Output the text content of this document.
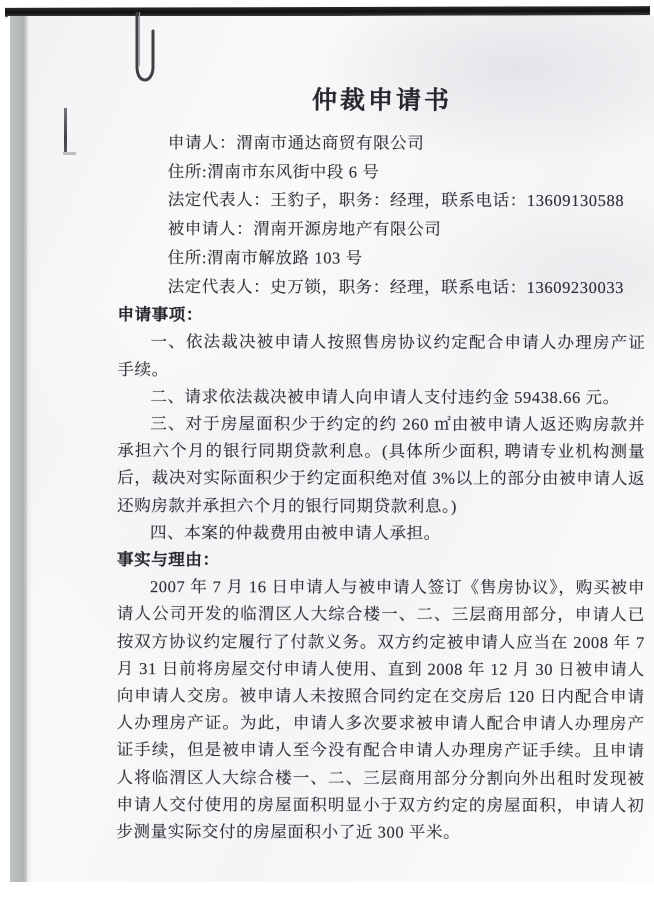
仲裁申请书

申请人：渭南市通达商贸有限公司

住所:渭南市东风街中段 6 号

法定代表人：王豹子，职务：经理，联系电话：13609130588

被申请人：渭南开源房地产有限公司

住所:渭南市解放路 103 号

法定代表人：史万锁，职务：经理，联系电话：13609230033

申请事项：

一、依法裁决被申请人按照售房协议约定配合申请人办理房产证手续。

二、请求依法裁决被申请人向申请人支付违约金 59438.66 元。

三、对于房屋面积少于约定的约 260 ㎡由被申请人返还购房款并承担六个月的银行同期贷款利息。(具体所少面积, 聘请专业机构测量后，裁决对实际面积少于约定面积绝对值 3%以上的部分由被申请人返还购房款并承担六个月的银行同期贷款利息。)

四、本案的仲裁费用由被申请人承担。

事实与理由：

2007 年 7 月 16 日申请人与被申请人签订《售房协议》，购买被申请人公司开发的临渭区人大综合楼一、二、三层商用部分，申请人已按双方协议约定履行了付款义务。双方约定被申请人应当在 2008 年 7 月 31 日前将房屋交付申请人使用、直到 2008 年 12 月 30 日被申请人向申请人交房。被申请人未按照合同约定在交房后 120 日内配合申请人办理房产证。为此，申请人多次要求被申请人配合申请人办理房产证手续，但是被申请人至今没有配合申请人办理房产证手续。且申请人将临渭区人大综合楼一、二、三层商用部分分割向外出租时发现被申请人交付使用的房屋面积明显小于双方约定的房屋面积，申请人初步测量实际交付的房屋面积小了近 300 平米。
